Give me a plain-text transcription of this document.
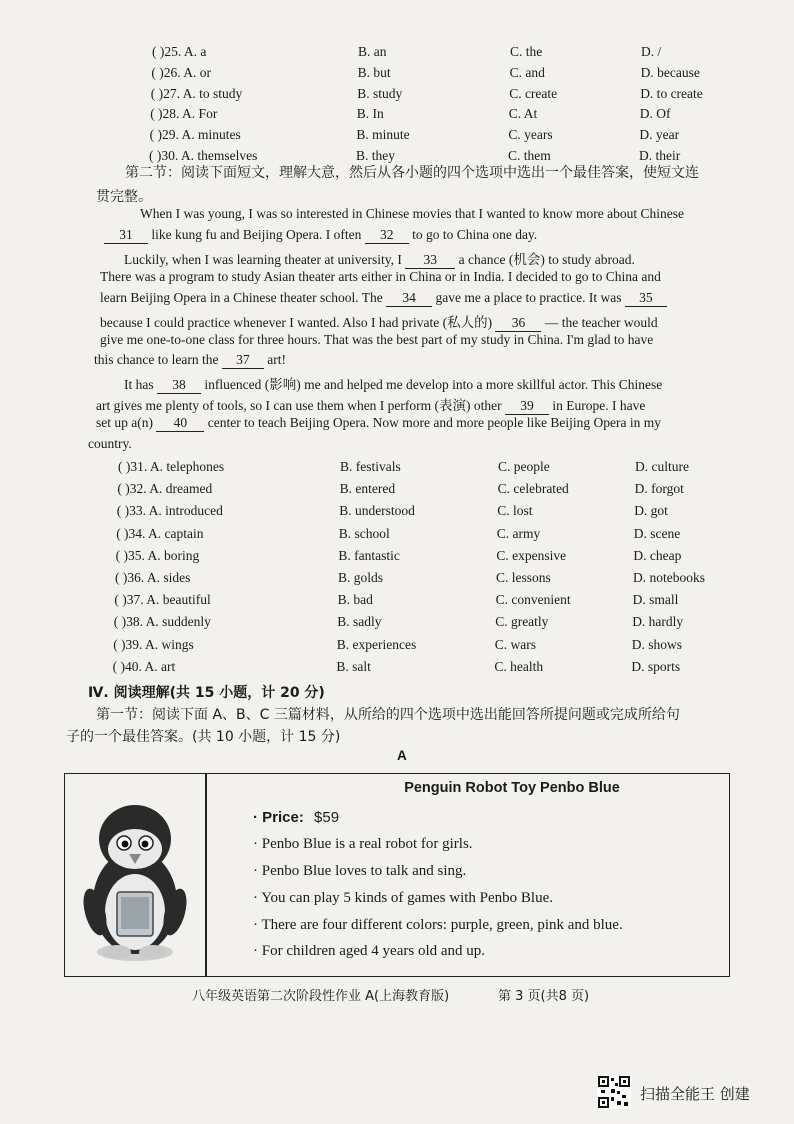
( )25. A. a	B. an	C. the	D. /
( )26. A. or	B. but	C. and	D. because
( )27. A. to study	B. study	C. create	D. to create
( )28. A. For	B. In	C. At	D. Of
( )29. A. minutes	B. minute	C. years	D. year
( )30. A. themselves	B. they	C. them	D. their
第二节：阅读下面短文，理解大意，然后从各小题的四个选项中选出一个最佳答案，使短文连
贯完整。
When I was young, I was so interested in Chinese movies that I wanted to know more about Chinese
31 like kung fu and Beijing Opera. I often 32 to go to China one day.
Luckily, when I was learning theater at university, I 33 a chance (机会) to study abroad.
There was a program to study Asian theater arts either in China or in India. I decided to go to China and
learn Beijing Opera in a Chinese theater school. The 34 gave me a place to practice. It was 35
because I could practice whenever I wanted. Also I had private (私人的) 36 — the teacher would
give me one-to-one class for three hours. That was the best part of my study in China. I'm glad to have
this chance to learn the 37 art!
It has 38 influenced (影响) me and helped me develop into a more skillful actor. This Chinese
art gives me plenty of tools, so I can use them when I perform (表演) other 39 in Europe. I have
set up a(n) 40 center to teach Beijing Opera. Now more and more people like Beijing Opera in my
country.
( )31. A. telephones	B. festivals	C. people	D. culture
( )32. A. dreamed	B. entered	C. celebrated	D. forgot
( )33. A. introduced	B. understood	C. lost	D. got
( )34. A. captain	B. school	C. army	D. scene
( )35. A. boring	B. fantastic	C. expensive	D. cheap
( )36. A. sides	B. golds	C. lessons	D. notebooks
( )37. A. beautiful	B. bad	C. convenient	D. small
( )38. A. suddenly	B. sadly	C. greatly	D. hardly
( )39. A. wings	B. experiences	C. wars	D. shows
( )40. A. art	B. salt	C. health	D. sports
Ⅳ. 阅读理解(共 15 小题，计 20 分)
第一节：阅读下面 A、B、C 三篇材料，从所给的四个选项中选出能回答所提问题或完成所给句
子的一个最佳答案。(共 10 小题，计 15 分)
A
Penguin Robot Toy Penbo Blue
· Price: $59
· Penbo Blue is a real robot for girls.
· Penbo Blue loves to talk and sing.
· You can play 5 kinds of games with Penbo Blue.
· There are four different colors: purple, green, pink and blue.
· For children aged 4 years old and up.
八年级英语第二次阶段性作业 A(上海教育版)	第 3 页(共8 页)
扫描全能王 创建
